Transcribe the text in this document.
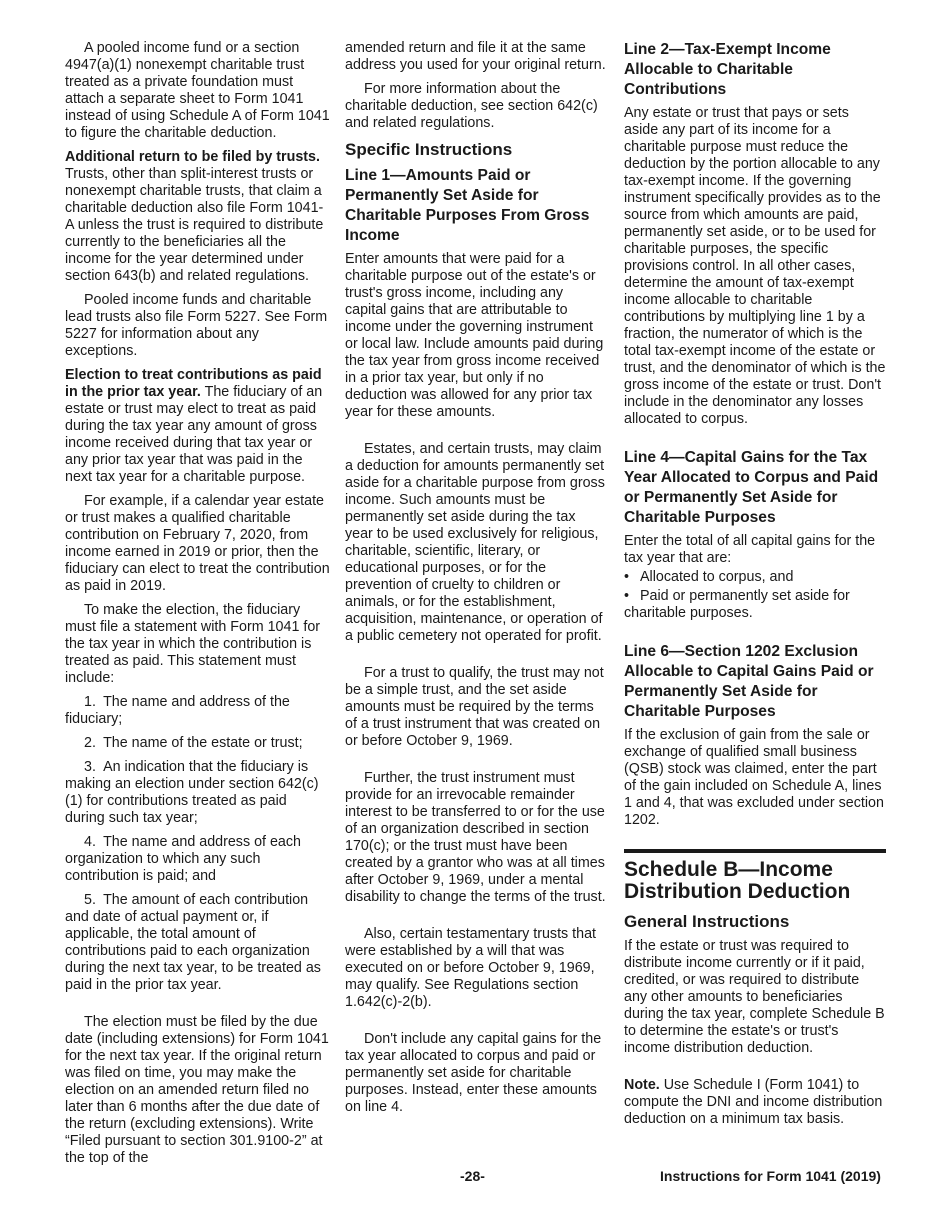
A pooled income fund or a section 4947(a)(1) nonexempt charitable trust treated as a private foundation must attach a separate sheet to Form 1041 instead of using Schedule A of Form 1041 to figure the charitable deduction.

Additional return to be filed by trusts. Trusts, other than split-interest trusts or nonexempt charitable trusts, that claim a charitable deduction also file Form 1041-A unless the trust is required to distribute currently to the beneficiaries all the income for the year determined under section 643(b) and related regulations.

Pooled income funds and charitable lead trusts also file Form 5227. See Form 5227 for information about any exceptions.

Election to treat contributions as paid in the prior tax year. The fiduciary of an estate or trust may elect to treat as paid during the tax year any amount of gross income received during that tax year or any prior tax year that was paid in the next tax year for a charitable purpose.

For example, if a calendar year estate or trust makes a qualified charitable contribution on February 7, 2020, from income earned in 2019 or prior, then the fiduciary can elect to treat the contribution as paid in 2019.

To make the election, the fiduciary must file a statement with Form 1041 for the tax year in which the contribution is treated as paid. This statement must include:

1. The name and address of the fiduciary;

2. The name of the estate or trust;

3. An indication that the fiduciary is making an election under section 642(c)(1) for contributions treated as paid during such tax year;

4. The name and address of each organization to which any such contribution is paid; and

5. The amount of each contribution and date of actual payment or, if applicable, the total amount of contributions paid to each organization during the next tax year, to be treated as paid in the prior tax year.

The election must be filed by the due date (including extensions) for Form 1041 for the next tax year. If the original return was filed on time, you may make the election on an amended return filed no later than 6 months after the due date of the return (excluding extensions). Write “Filed pursuant to section 301.9100-2” at the top of the

amended return and file it at the same address you used for your original return.

For more information about the charitable deduction, see section 642(c) and related regulations.

Specific Instructions
Line 1—Amounts Paid or Permanently Set Aside for Charitable Purposes From Gross Income

Enter amounts that were paid for a charitable purpose out of the estate's or trust's gross income, including any capital gains that are attributable to income under the governing instrument or local law. Include amounts paid during the tax year from gross income received in a prior tax year, but only if no deduction was allowed for any prior tax year for these amounts.

Estates, and certain trusts, may claim a deduction for amounts permanently set aside for a charitable purpose from gross income. Such amounts must be permanently set aside during the tax year to be used exclusively for religious, charitable, scientific, literary, or educational purposes, or for the prevention of cruelty to children or animals, or for the establishment, acquisition, maintenance, or operation of a public cemetery not operated for profit.

For a trust to qualify, the trust may not be a simple trust, and the set aside amounts must be required by the terms of a trust instrument that was created on or before October 9, 1969.

Further, the trust instrument must provide for an irrevocable remainder interest to be transferred to or for the use of an organization described in section 170(c); or the trust must have been created by a grantor who was at all times after October 9, 1969, under a mental disability to change the terms of the trust.

Also, certain testamentary trusts that were established by a will that was executed on or before October 9, 1969, may qualify. See Regulations section 1.642(c)-2(b).

Don't include any capital gains for the tax year allocated to corpus and paid or permanently set aside for charitable purposes. Instead, enter these amounts on line 4.

Line 2—Tax-Exempt Income Allocable to Charitable Contributions

Any estate or trust that pays or sets aside any part of its income for a charitable purpose must reduce the deduction by the portion allocable to any tax-exempt income. If the governing instrument specifically provides as to the source from which amounts are paid, permanently set aside, or to be used for charitable purposes, the specific provisions control. In all other cases, determine the amount of tax-exempt income allocable to charitable contributions by multiplying line 1 by a fraction, the numerator of which is the total tax-exempt income of the estate or trust, and the denominator of which is the gross income of the estate or trust. Don't include in the denominator any losses allocated to corpus.

Line 4—Capital Gains for the Tax Year Allocated to Corpus and Paid or Permanently Set Aside for Charitable Purposes

Enter the total of all capital gains for the tax year that are:

• Allocated to corpus, and
• Paid or permanently set aside for charitable purposes.
Line 6—Section 1202 Exclusion Allocable to Capital Gains Paid or Permanently Set Aside for Charitable Purposes

If the exclusion of gain from the sale or exchange of qualified small business (QSB) stock was claimed, enter the part of the gain included on Schedule A, lines 1 and 4, that was excluded under section 1202.

Schedule B—Income Distribution Deduction
General Instructions

If the estate or trust was required to distribute income currently or if it paid, credited, or was required to distribute any other amounts to beneficiaries during the tax year, complete Schedule B to determine the estate's or trust's income distribution deduction.

Note. Use Schedule I (Form 1041) to compute the DNI and income distribution deduction on a minimum tax basis.

-28-	Instructions for Form 1041 (2019)
